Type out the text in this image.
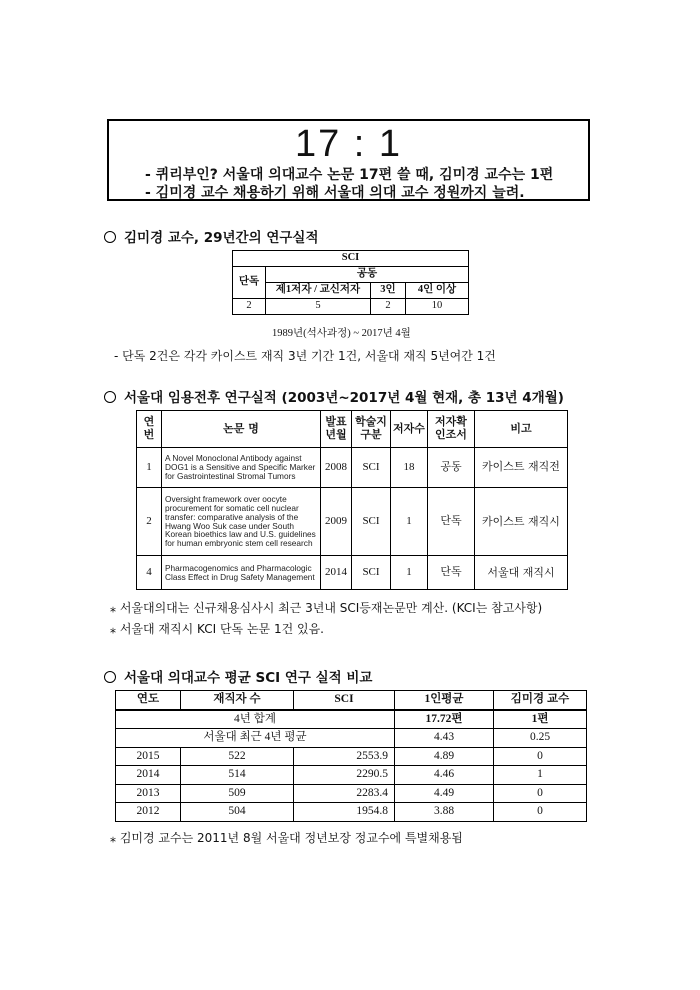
17 : 1
- 퀴리부인? 서울대 의대교수 논문 17편 쓸 때, 김미경 교수는 1편
- 김미경 교수 채용하기 위해 서울대 의대 교수 정원까지 늘려.
김미경 교수, 29년간의 연구실적
SCI			
단독	공동		
	제1저자 / 교신저자	3인	4인 이상
2	5	2	10
1989년(석사과정) ~ 2017년 4월
- 단독 2건은 각각 카이스트 재직 3년 기간 1건, 서울대 재직 5년여간 1건
서울대 임용전후 연구실적 (2003년~2017년 4월 현재, 총 13년 4개월)
연 번	논문 명	발표 년월	학술지 구분	저자수	저자확 인조서	비고
1	A Novel Monoclonal Antibody against DOG1 is a Sensitive and Specific Marker for Gastrointestinal Stromal Tumors	2008	SCI	18	공동	카이스트 재직전
2	Oversight framework over oocyte procurement for somatic cell nuclear transfer: comparative analysis of the Hwang Woo Suk case under South Korean bioethics law and U.S. guidelines for human embryonic stem cell research	2009	SCI	1	단독	카이스트 재직시
4	Pharmacogenomics and Pharmacologic Class Effect in Drug Safety Management	2014	SCI	1	단독	서울대 재직시
⁎ 서울대의대는 신규채용심사시 최근 3년내 SCI등재논문만 계산. (KCI는 참고사항)
⁎ 서울대 재직시 KCI 단독 논문 1건 있음.
서울대 의대교수 평균 SCI 연구 실적 비교
연도	재직자 수	SCI	1인평균	김미경 교수
4년 합계			17.72편	1편
서울대 최근 4년 평균			4.43	0.25
2015	522	2553.9	4.89	0
2014	514	2290.5	4.46	1
2013	509	2283.4	4.49	0
2012	504	1954.8	3.88	0
⁎ 김미경 교수는 2011년 8월 서울대 정년보장 정교수에 특별채용됨
